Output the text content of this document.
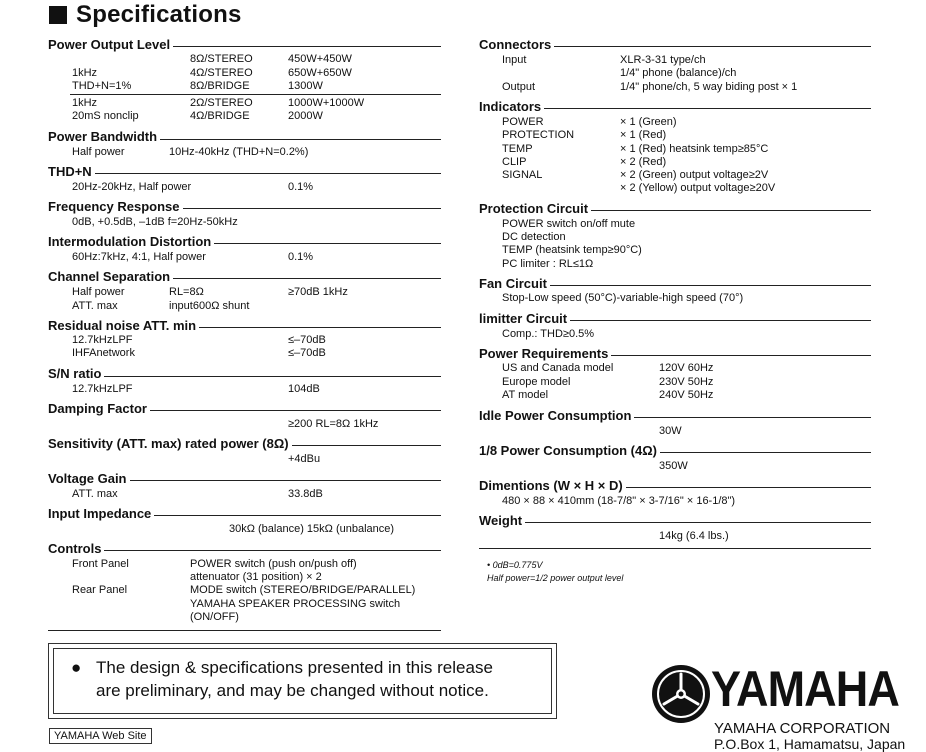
Specifications
Power Output Level
8Ω/STEREO	450W+450W
1kHz	4Ω/STEREO	650W+650W
THD+N=1%	8Ω/BRIDGE	1300W
1kHz	2Ω/STEREO	1000W+1000W
20mS nonclip	4Ω/BRIDGE	2000W
Power Bandwidth
Half power	10Hz-40kHz (THD+N=0.2%)
THD+N
20Hz-20kHz, Half power	0.1%
Frequency Response
0dB, +0.5dB, –1dB f=20Hz-50kHz
Intermodulation Distortion
60Hz:7kHz, 4:1, Half power	0.1%
Channel Separation
Half power	RL=8Ω	≥70dB 1kHz
ATT. max	input600Ω shunt
Residual noise ATT. min
12.7kHzLPF	≤–70dB
IHFAnetwork	≤–70dB
S/N ratio
12.7kHzLPF	104dB
Damping Factor
≥200 RL=8Ω 1kHz
Sensitivity (ATT. max) rated power (8Ω)
+4dBu
Voltage Gain
ATT. max	33.8dB
Input Impedance
30kΩ (balance) 15kΩ (unbalance)
Controls
Front Panel	POWER switch (push on/push off)
attenuator (31 position) × 2
Rear Panel	MODE switch (STEREO/BRIDGE/PARALLEL)
YAMAHA SPEAKER PROCESSING switch
(ON/OFF)
Connectors
Input	XLR-3-31 type/ch
1/4" phone (balance)/ch
Output	1/4" phone/ch, 5 way biding post × 1
Indicators
POWER	× 1 (Green)
PROTECTION	× 1 (Red)
TEMP	× 1 (Red) heatsink temp≥85°C
CLIP	× 2 (Red)
SIGNAL	× 2 (Green) output voltage≥2V
× 2 (Yellow) output voltage≥20V
Protection Circuit
POWER switch on/off mute
DC detection
TEMP (heatsink temp≥90°C)
PC limiter : RL≤1Ω
Fan Circuit
Stop-Low speed (50°C)-variable-high speed (70°)
limitter Circuit
Comp.: THD≥0.5%
Power Requirements
US and Canada model	120V 60Hz
Europe model	230V 50Hz
AT model	240V 50Hz
Idle Power Consumption
30W
1/8 Power Consumption (4Ω)
350W
Dimentions (W × H × D)
480 × 88 × 410mm (18-7/8" × 3-7/16" × 16-1/8")
Weight
14kg (6.4 lbs.)
• 0dB=0.775V
Half power=1/2 power output level
● The design & specifications presented in this release
are preliminary, and may be changed without notice.
YAMAHA Web Site
YAMAHA
YAMAHA CORPORATION
P.O.Box 1, Hamamatsu, Japan
